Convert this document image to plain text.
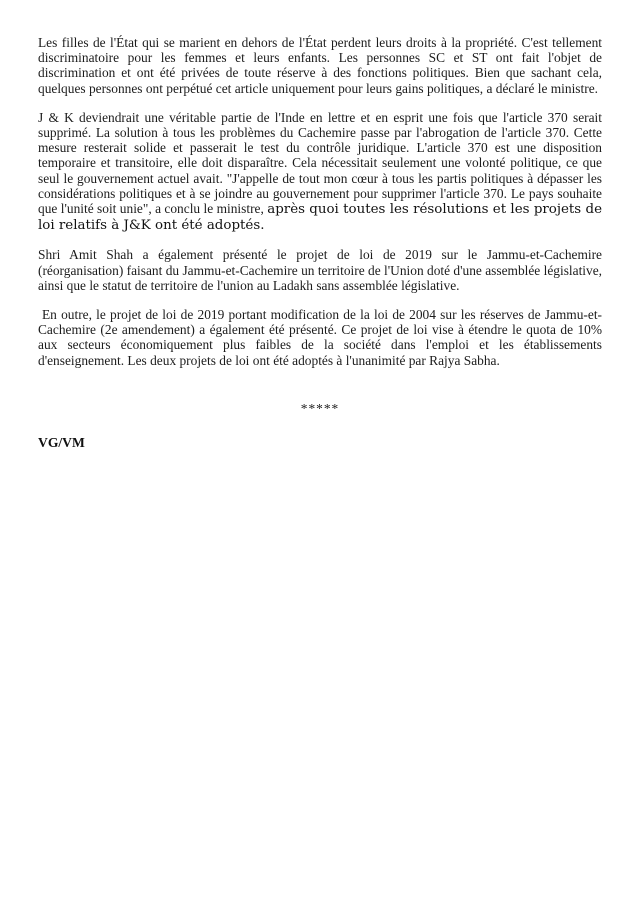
Les filles de l'État qui se marient en dehors de l'État perdent leurs droits à la propriété. C'est tellement discriminatoire pour les femmes et leurs enfants. Les personnes SC et ST ont fait l'objet de discrimination et ont été privées de toute réserve à des fonctions politiques. Bien que sachant cela, quelques personnes ont perpétué cet article uniquement pour leurs gains politiques, a déclaré le ministre.

J & K deviendrait une véritable partie de l'Inde en lettre et en esprit une fois que l'article 370 serait supprimé. La solution à tous les problèmes du Cachemire passe par l'abrogation de l'article 370. Cette mesure resterait solide et passerait le test du contrôle juridique. L'article 370 est une disposition temporaire et transitoire, elle doit disparaître. Cela nécessitait seulement une volonté politique, ce que seul le gouvernement actuel avait. "J'appelle de tout mon cœur à tous les partis politiques à dépasser les considérations politiques et à se joindre au gouvernement pour supprimer l'article 370. Le pays souhaite que l'unité soit unie", a conclu le ministre, après quoi toutes les résolutions et les projets de loi relatifs à J&K ont été adoptés.

Shri Amit Shah a également présenté le projet de loi de 2019 sur le Jammu-et-Cachemire (réorganisation) faisant du Jammu-et-Cachemire un territoire de l'Union doté d'une assemblée législative, ainsi que le statut de territoire de l'union au Ladakh sans assemblée législative.

En outre, le projet de loi de 2019 portant modification de la loi de 2004 sur les réserves de Jammu-et-Cachemire (2e amendement) a également été présenté. Ce projet de loi vise à étendre le quota de 10% aux secteurs économiquement plus faibles de la société dans l'emploi et les établissements d'enseignement. Les deux projets de loi ont été adoptés à l'unanimité par Rajya Sabha.

*****
VG/VM
